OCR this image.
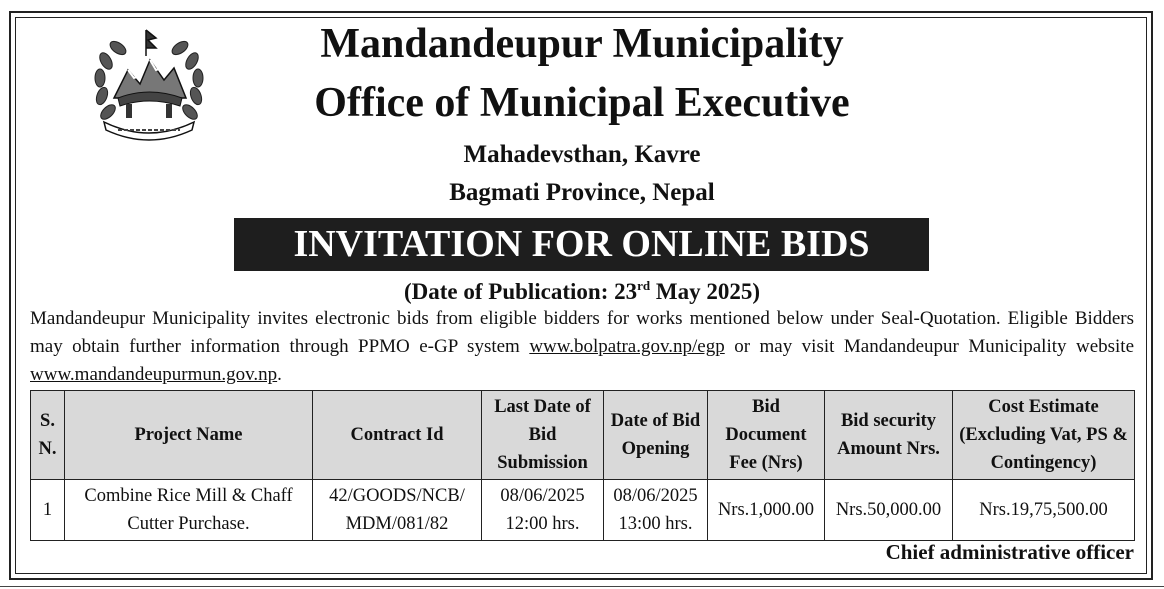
Mandandeupur Municipality
Office of Municipal Executive
Mahadevsthan, Kavre
Bagmati Province, Nepal
INVITATION FOR ONLINE BIDS
(Date of Publication: 23rd May 2025)
Mandandeupur Municipality invites electronic bids from eligible bidders for works mentioned below under Seal-Quotation. Eligible Bidders may obtain further information through PPMO e-GP system www.bolpatra.gov.np/egp or may visit Mandandeupur Municipality website www.mandandeupurmun.gov.np.
S. N.	Project Name	Contract Id	Last Date of Bid Submission	Date of Bid Opening	Bid Document Fee (Nrs)	Bid security Amount Nrs.	Cost Estimate (Excluding Vat, PS & Contingency)
1	Combine Rice Mill & Chaff Cutter Purchase.	42/GOODS/NCB/ MDM/081/82	08/06/2025 12:00 hrs.	08/06/2025 13:00 hrs.	Nrs.1,000.00	Nrs.50,000.00	Nrs.19,75,500.00
Chief administrative officer
